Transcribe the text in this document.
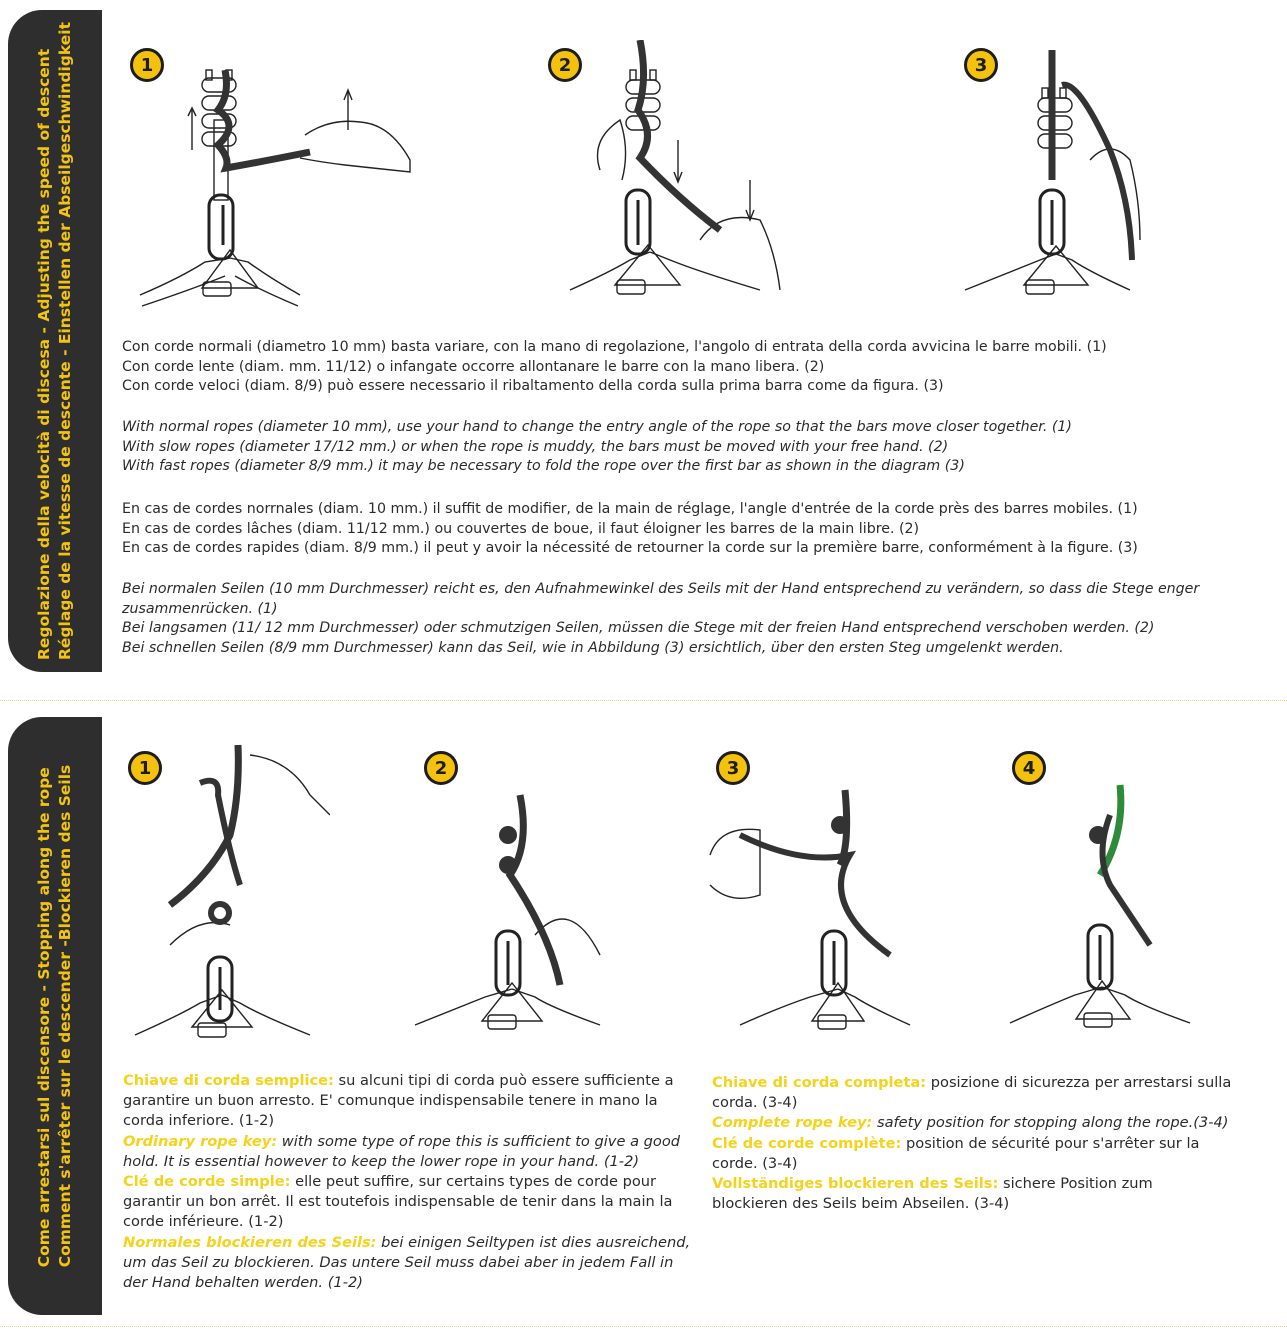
Regolazione della velocità di discesa - Adjusting the speed of descent Réglage de la vitesse de descente - Einstellen der Abseilgeschwindigkeit	1	2	3

Con corde normali (diametro 10 mm) basta variare, con la mano di regolazione, l'angolo di entrata della corda avvicina le barre mobili. (1)

Con corde lente (diam. mm. 11/12) o infangate occorre allontanare le barre con la mano libera. (2)

Con corde veloci (diam. 8/9) può essere necessario il ribaltamento della corda sulla prima barra come da figura. (3)

With normal ropes (diameter 10 mm), use your hand to change the entry angle of the rope so that the bars move closer together. (1)

With slow ropes (diameter 17/12 mm.) or when the rope is muddy, the bars must be moved with your free hand. (2)

With fast ropes (diameter 8/9 mm.) it may be necessary to fold the rope over the first bar as shown in the diagram (3)

En cas de cordes norrnales (diam. 10 mm.) il suffit de modifier, de la main de réglage, l'angle d'entrée de la corde près des barres mobiles. (1)

En cas de cordes lâches (diam. 11/12 mm.) ou couvertes de boue, il faut éloigner les barres de la main libre. (2)

En cas de cordes rapides (diam. 8/9 mm.) il peut y avoir la nécessité de retourner la corde sur la première barre, conformément à la figure. (3)

Bei normalen Seilen (10 mm Durchmesser) reicht es, den Aufnahmewinkel des Seils mit der Hand entsprechend zu verändern, so dass die Stege enger zusammenrücken. (1)

Bei langsamen (11/ 12 mm Durchmesser) oder schmutzigen Seilen, müssen die Stege mit der freien Hand entsprechend verschoben werden. (2)

Bei schnellen Seilen (8/9 mm Durchmesser) kann das Seil, wie in Abbildung (3) ersichtlich, über den ersten Steg umgelenkt werden.

Come arrestarsi sul discensore - Stopping along the rope Comment s'arrêter sur le descender -Blockieren des Seils	1	2	3	4

Chiave di corda semplice: su alcuni tipi di corda può essere sufficiente a garantire un buon arresto. E' comunque indispensabile tenere in mano la corda inferiore. (1-2)

Ordinary rope key: with some type of rope this is sufficient to give a good hold. It is essential however to keep the lower rope in your hand. (1-2)

Clé de corde simple: elle peut suffire, sur certains types de corde pour garantir un bon arrêt. Il est toutefois indispensable de tenir dans la main la corde inférieure. (1-2)

Normales blockieren des Seils: bei einigen Seiltypen ist dies ausreichend, um das Seil zu blockieren. Das untere Seil muss dabei aber in jedem Fall in der Hand behalten werden. (1-2)

Chiave di corda completa: posizione di sicurezza per arrestarsi sulla corda. (3-4)

Complete rope key: safety position for stopping along the rope.(3-4)

Clé de corde complète: position de sécurité pour s'arrêter sur la corde. (3-4)

Vollständiges blockieren des Seils: sichere Position zum blockieren des Seils beim Abseilen. (3-4)
